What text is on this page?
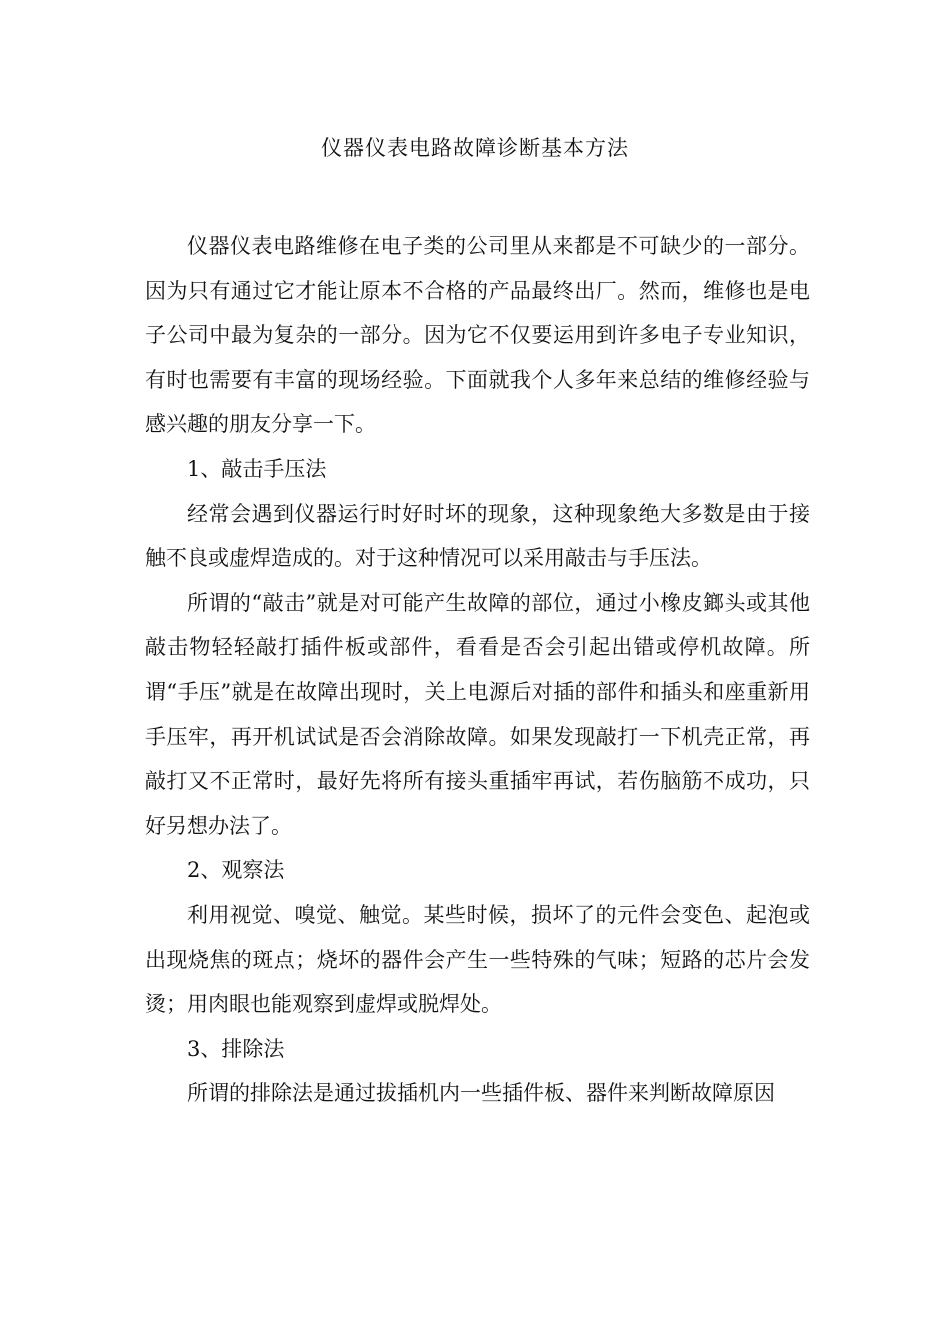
仪器仪表电路故障诊断基本方法

仪器仪表电路维修在电子类的公司里从来都是不可缺少的一部分。因为只有通过它才能让原本不合格的产品最终出厂。然而，维修也是电子公司中最为复杂的一部分。因为它不仅要运用到许多电子专业知识，有时也需要有丰富的现场经验。下面就我个人多年来总结的维修经验与感兴趣的朋友分享一下。

1、敲击手压法

经常会遇到仪器运行时好时坏的现象，这种现象绝大多数是由于接触不良或虚焊造成的。对于这种情况可以采用敲击与手压法。

所谓的“敲击”就是对可能产生故障的部位，通过小橡皮鎯头或其他敲击物轻轻敲打插件板或部件，看看是否会引起出错或停机故障。所谓“手压”就是在故障出现时，关上电源后对插的部件和插头和座重新用手压牢，再开机试试是否会消除故障。如果发现敲打一下机壳正常，再敲打又不正常时，最好先将所有接头重插牢再试，若伤脑筋不成功，只好另想办法了。

2、观察法

利用视觉、嗅觉、触觉。某些时候，损坏了的元件会变色、起泡或出现烧焦的斑点；烧坏的器件会产生一些特殊的气味；短路的芯片会发烫；用肉眼也能观察到虚焊或脱焊处。

3、排除法

所谓的排除法是通过拔插机内一些插件板、器件来判断故障原因
